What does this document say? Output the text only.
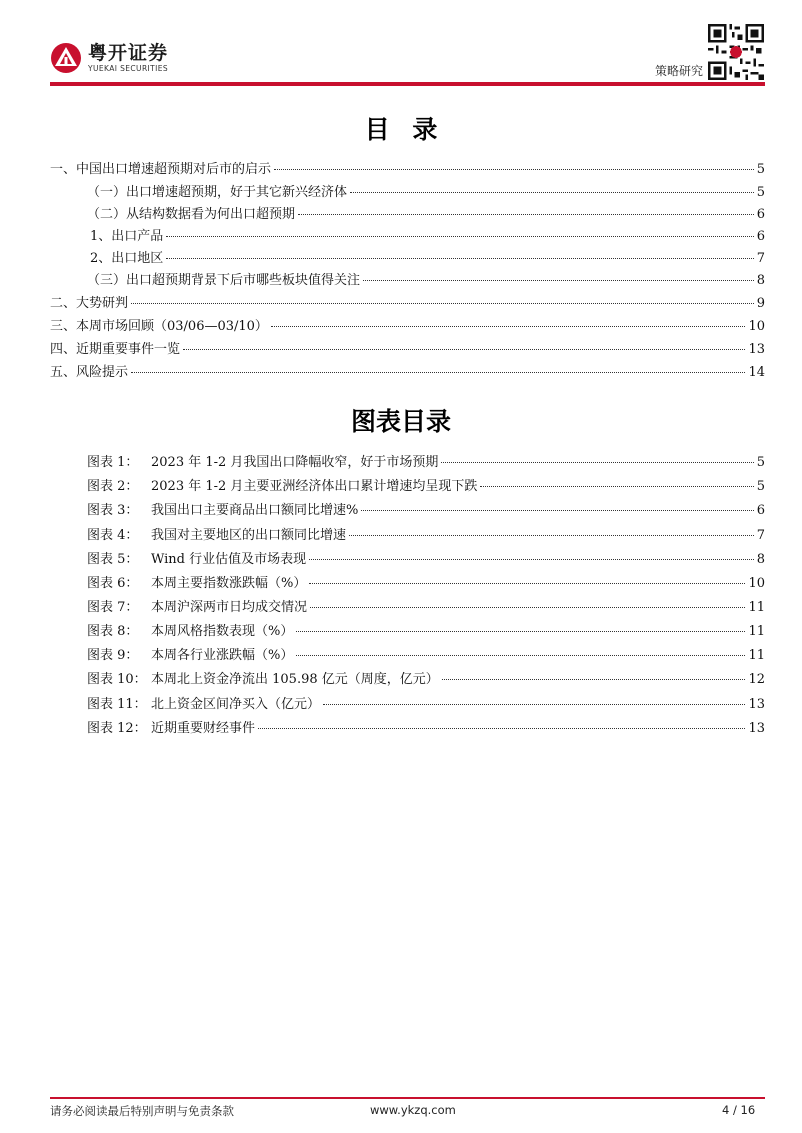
粤开证券
YUEKAI SECURITIES	策略研究
目 录
一、中国出口增速超预期对后市的启示	5
（一）出口增速超预期，好于其它新兴经济体	5
（二）从结构数据看为何出口超预期	6
1、出口产品	6
2、出口地区	7
（三）出口超预期背景下后市哪些板块值得关注	8
二、大势研判	9
三、本周市场回顾（03/06—03/10）	10
四、近期重要事件一览	13
五、风险提示	14
图表目录
图表 1： 2023 年 1-2 月我国出口降幅收窄，好于市场预期	5
图表 2： 2023 年 1-2 月主要亚洲经济体出口累计增速均呈现下跌	5
图表 3： 我国出口主要商品出口额同比增速%	6
图表 4： 我国对主要地区的出口额同比增速	7
图表 5： Wind 行业估值及市场表现	8
图表 6： 本周主要指数涨跌幅（%）	10
图表 7： 本周沪深两市日均成交情况	11
图表 8： 本周风格指数表现（%）	11
图表 9： 本周各行业涨跌幅（%）	11
图表 10： 本周北上资金净流出 105.98 亿元（周度，亿元）	12
图表 11： 北上资金区间净买入（亿元）	13
图表 12： 近期重要财经事件	13
请务必阅读最后特别声明与免责条款	www.ykzq.com	4 / 16
